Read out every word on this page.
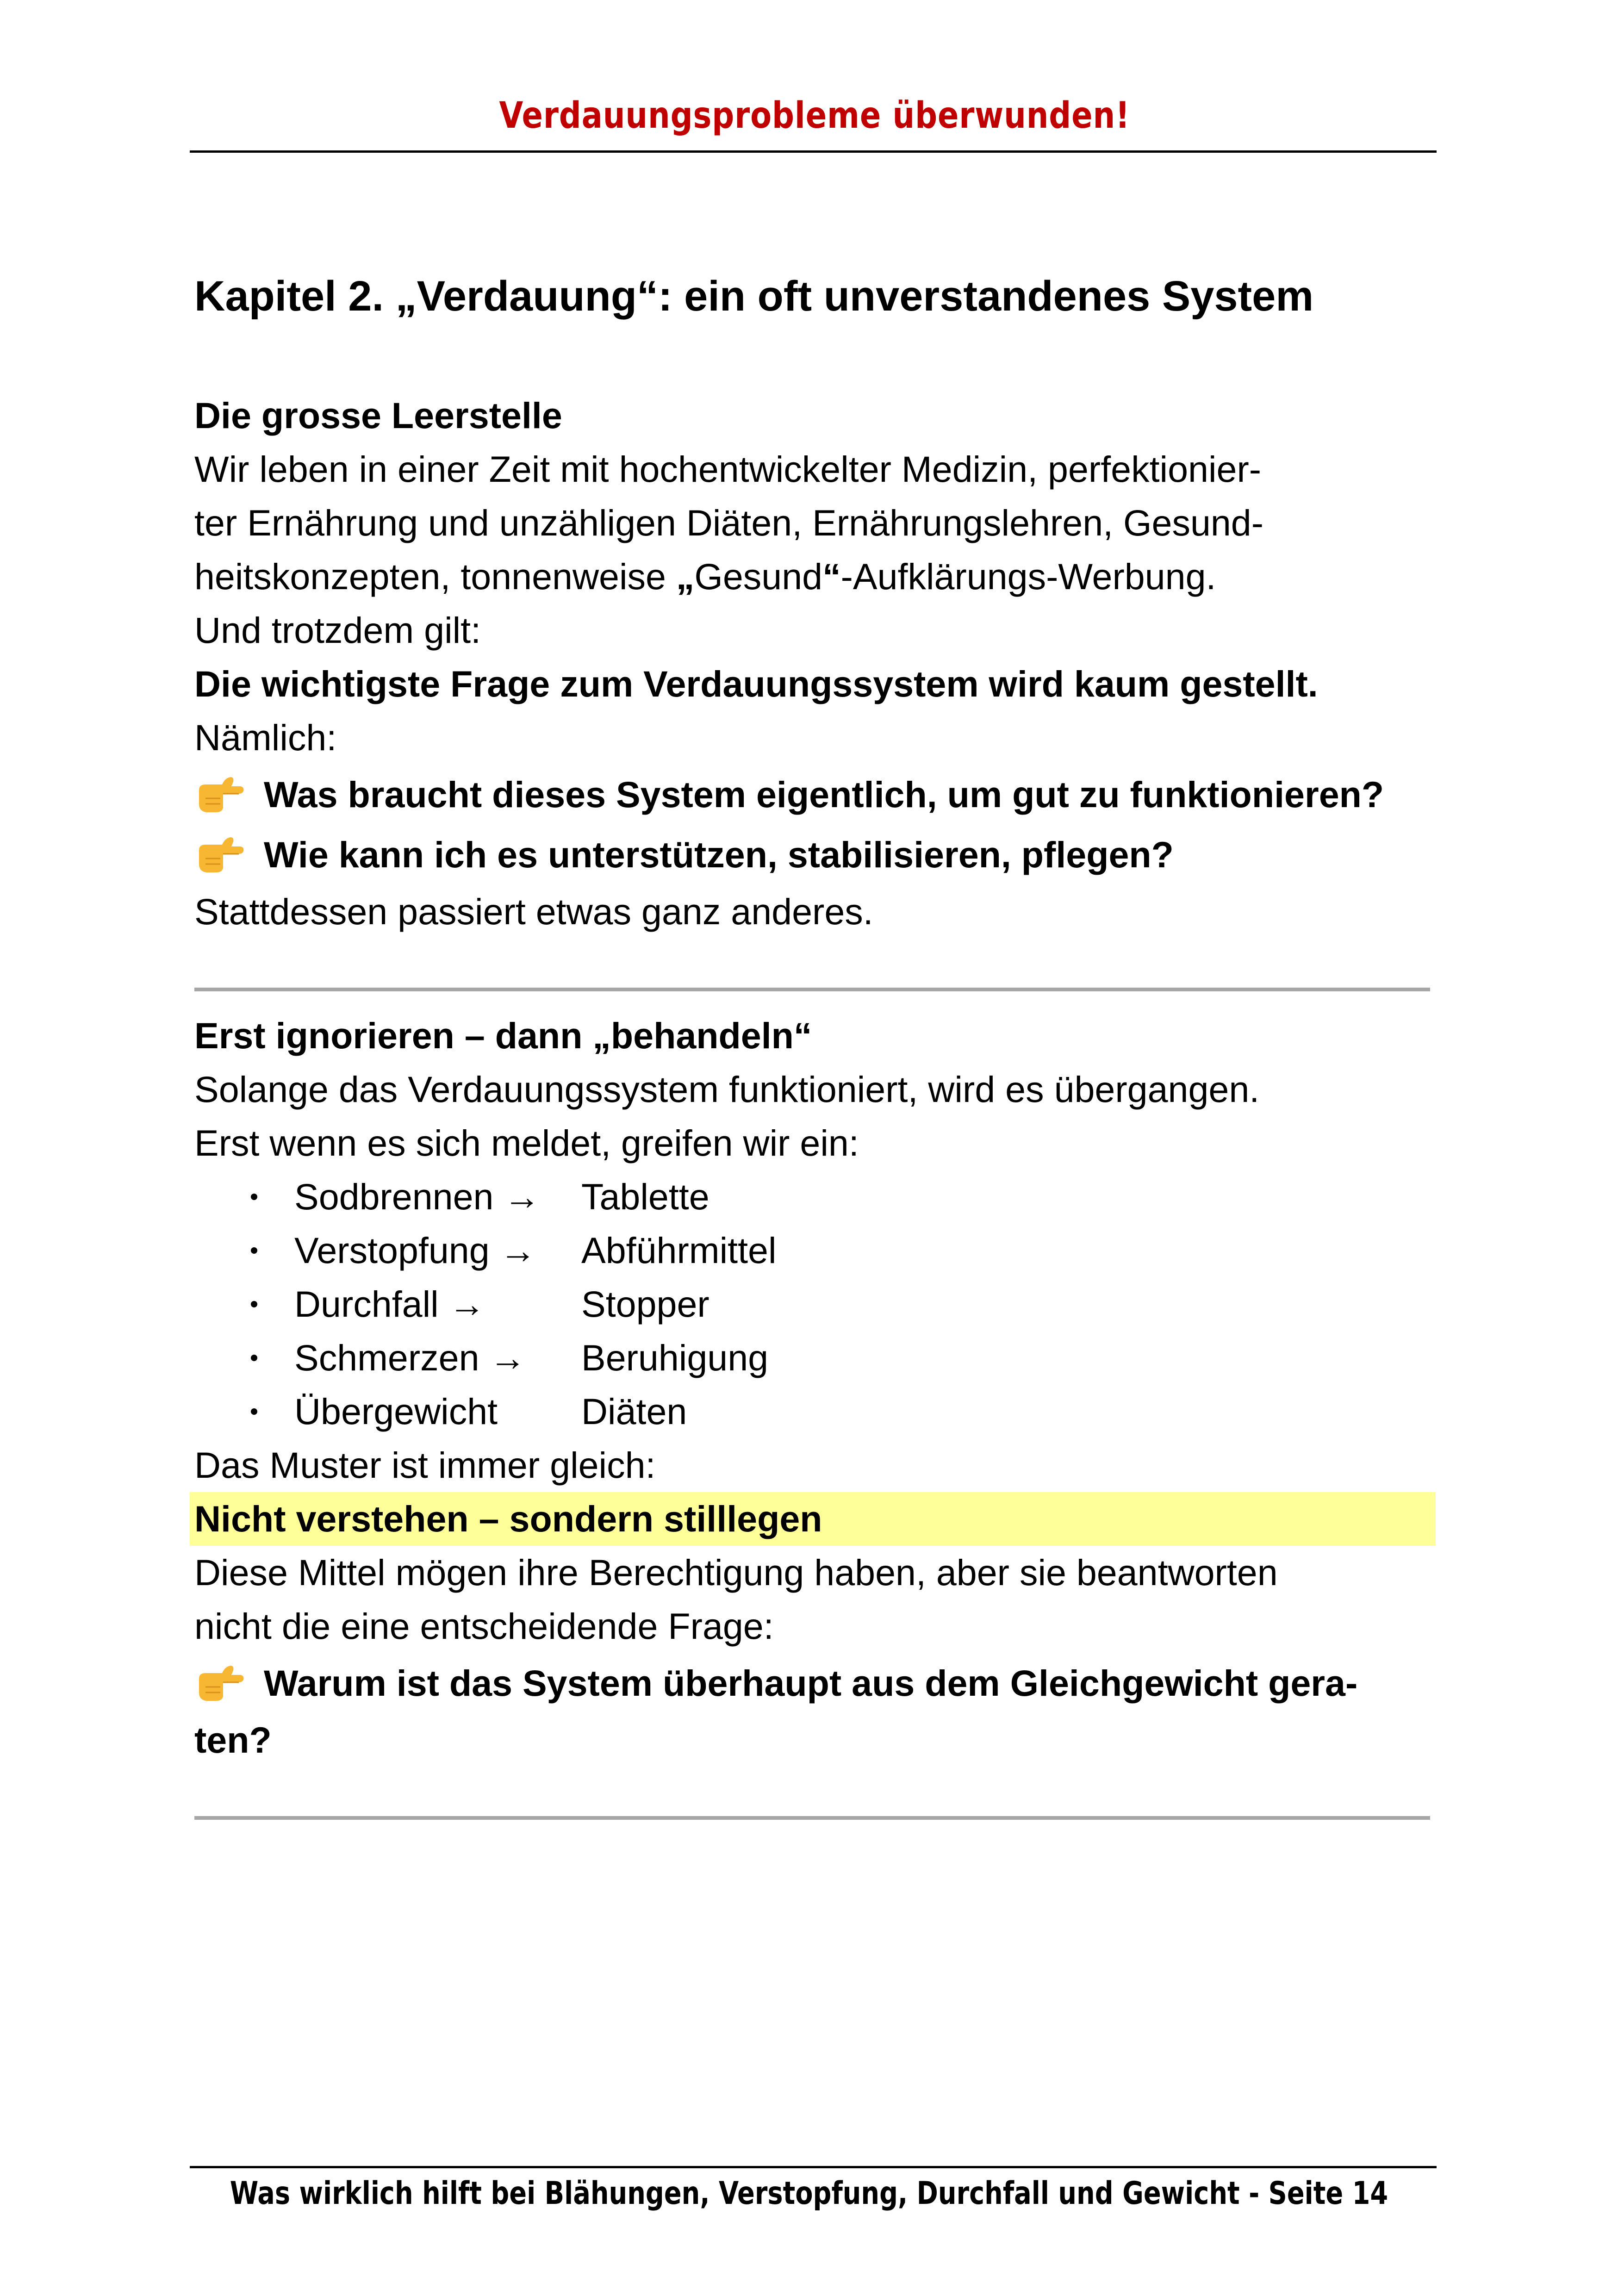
Verdauungsprobleme überwunden!
Kapitel 2. „Verdauung“: ein oft unverstandenes System

Die grosse Leerstelle

Wir leben in einer Zeit mit hochentwickelter Medizin, perfektionier-

ter Ernährung und unzähligen Diäten, Ernährungslehren, Gesund-

heitskonzepten, tonnenweise „Gesund“-Aufklärungs-Werbung.

Und trotzdem gilt:

Die wichtigste Frage zum Verdauungssystem wird kaum gestellt.

Nämlich:

Was braucht dieses System eigentlich, um gut zu funktionieren?
Wie kann ich es unterstützen, stabilisieren, pflegen?

Stattdessen passiert etwas ganz anderes.

Erst ignorieren – dann „behandeln“

Solange das Verdauungssystem funktioniert, wird es übergangen.

Erst wenn es sich meldet, greifen wir ein:

Sodbrennen →	Tablette
Verstopfung →	Abführmittel
Durchfall →	Stopper
Schmerzen →	Beruhigung
Übergewicht	Diäten

Das Muster ist immer gleich:

Nicht verstehen – sondern stilllegen

Diese Mittel mögen ihre Berechtigung haben, aber sie beantworten

nicht die eine entscheidende Frage:

Warum ist das System überhaupt aus dem Gleichgewicht gera-

ten?

Was wirklich hilft bei Blähungen, Verstopfung, Durchfall und Gewicht - Seite 14
